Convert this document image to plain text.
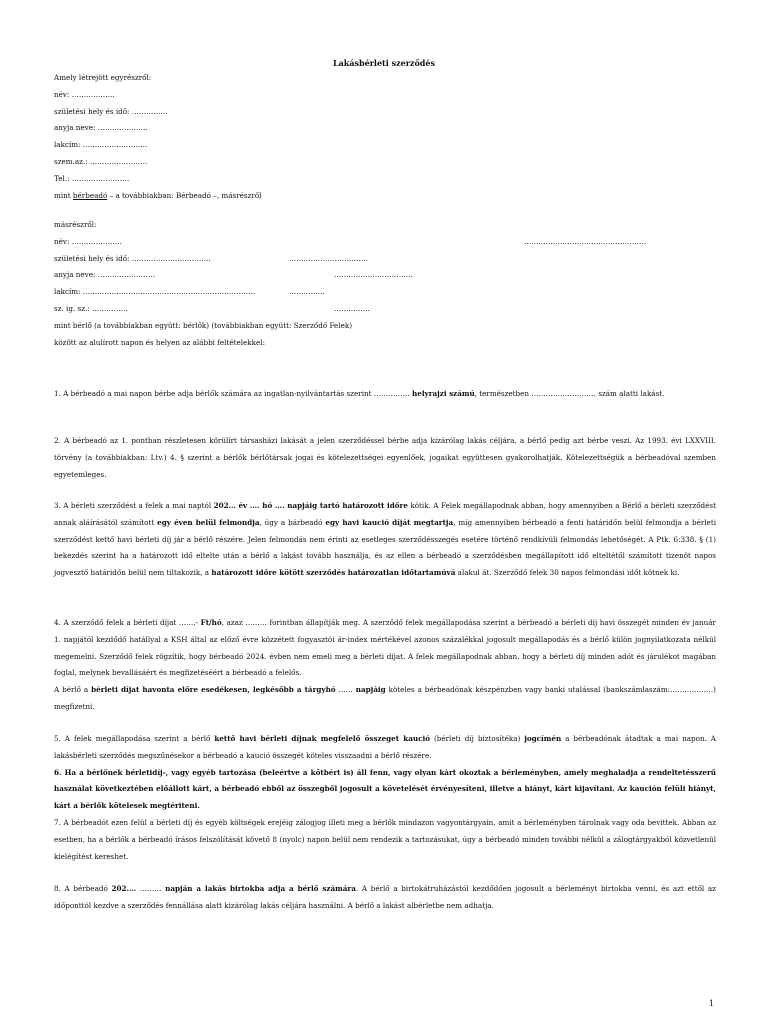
Lakásbérleti szerződés
Amely létrejött egyrészről:
név: ………………
születési hely és idő: ……………
anyja neve: …………………
lakcím: ………………………
szem.az.: ……………………
Tel.: ……………………
mint bérbeadó – a továbbiakban: Bérbeadó –, másrészről
másrészről:
név: …………………	……………………………………………
születési hely és idő: ……………………………	……………………………
anyja neve: ……………………	……………………………
lakcím: ………………………………………………………………	……………
sz. ig. sz.: ……………	……………
mint bérlő (a továbbiakban együtt: bérlők) (továbbiakban együtt: Szerződő Felek)
között az alulírott napon és helyen az alábbi feltételekkel:

1. A bérbeadó a mai napon bérbe adja bérlők számára az ingatlan-nyilvántartás szerint …………… helyrajzi számú, természetben ……………………… szám alatti lakást.

2. A bérbeadó az 1. pontban részletesen körülírt társasházi lakását a jelen szerződéssel bérbe adja kizárólag lakás céljára, a bérlő pedig azt bérbe veszi. Az 1993. évi LXXVIII. törvény (a továbbiakban: Ltv.) 4. § szerint a bérlők bérlőtársak jogai és kötelezettségei egyenlőek, jogaikat együttesen gyakorolhatják. Kötelezettségük a bérbeadóval szemben egyetemleges.

3. A bérleti szerződést a felek a mai naptól 202… év …. hó …. napjáig tartó határozott időre kötik. A Felek megállapodnak abban, hogy amennyiben a Bérlő a bérleti szerződést annak aláírásától számított egy éven belül felmondja, úgy a bárbeadó egy havi kaució díját megtartja, míg amennyiben bérbeadó a fenti határidőn belül felmondja a bérleti szerződést kettő havi bérleti díj jár a bérlő részére. Jelen felmondás nem érinti az esetleges szerződésszegés esetére történő rendkívüli felmondás lehetőségét. A Ptk. 6:338. § (1) bekezdés szerint ha a határozott idő eltelte után a bérlő a lakást tovább használja, és az ellen a bérbeadó a szerződésben megállapított idő elteltétől számított tizenöt napos jogvesztő határidőn belül nem tiltakozik, a határozott időre kötött szerződés határozatlan időtartamúvá alakul át. Szerződő felek 30 napos felmondási időt kötnek ki.

4. A szerződő felek a bérleti díjat ……,- Ft/hó, azaz ……… forintban állapítják meg. A szerződő felek megállapodása szerint a bérbeadó a bérleti díj havi összegét minden év január 1. napjától kezdődő hatállyal a KSH által az előző évre közzétett fogyasztói ár-index mértékével azonos százalékkal jogosult megállapodás és a bérlő külön jognyilatkozata nélkül megemelni. Szerződő felek rögzítik, hogy bérbeadó 2024. évben nem emeli meg a bérleti díjat. A felek megállapodnak abban, hogy a bérleti díj minden adót és járulékot magában foglal, melynek bevallásáért és megfizetéséért a bérbeadó a felelős.

A bérlő a bérleti díjat havonta előre esedékesen, legkésőbb a tárgyhó …… napjáig köteles a bérbeadónak készpénzben vagy banki utalással (bankszámlaszám:………………) megfizetni.

5. A felek megállapodása szerint a bérlő kettő havi bérleti díjnak megfelelő összeget kaució (bérleti díj biztosítéka) jogcímén a bérbeadónak átadtak a mai napon. A lakásbérleti szerződés megszűnésekor a bérbeadó a kaució összegét köteles visszaadni a bérlő részére.

6. Ha a bérlőnek bérletidíj-, vagy egyéb tartozása (beleértve a kötbért is) áll fenn, vagy olyan kárt okoztak a bérleményben, amely meghaladja a rendeltetésszerű használat következtében előállott kárt, a bérbeadó ebből az összegből jogosult a követelését érvényesíteni, illetve a hiányt, kárt kijavítani. Az kaución felüli hiányt, kárt a bérlők kötelesek megtériteni.

7. A bérbeadót ezen felül a bérleti díj és egyéb költségek erejéig zálogjog illeti meg a bérlők mindazon vagyontárgyain, amit a bérleményben tárolnak vagy oda bevittek. Abban az esetben, ha a bérlők a bérbeadó írásos felszólítását követő 8 (nyolc) napon belül nem rendezik a tartozásukat, úgy a bérbeadó minden további nélkül a zálogtárgyakból közvetlenül kielégítést kereshet.

8. A bérbeadó 202.… ……… napján a lakás birtokba adja a bérlő számára. A bérlő a birtokátruházástól kezdődően jogosult a bérleményt birtokba venni, és azt ettől az időponttól kezdve a szerződés fennállása alatt kizárólag lakás céljára használni. A bérlő a lakást albérletbe nem adhatja.

1
